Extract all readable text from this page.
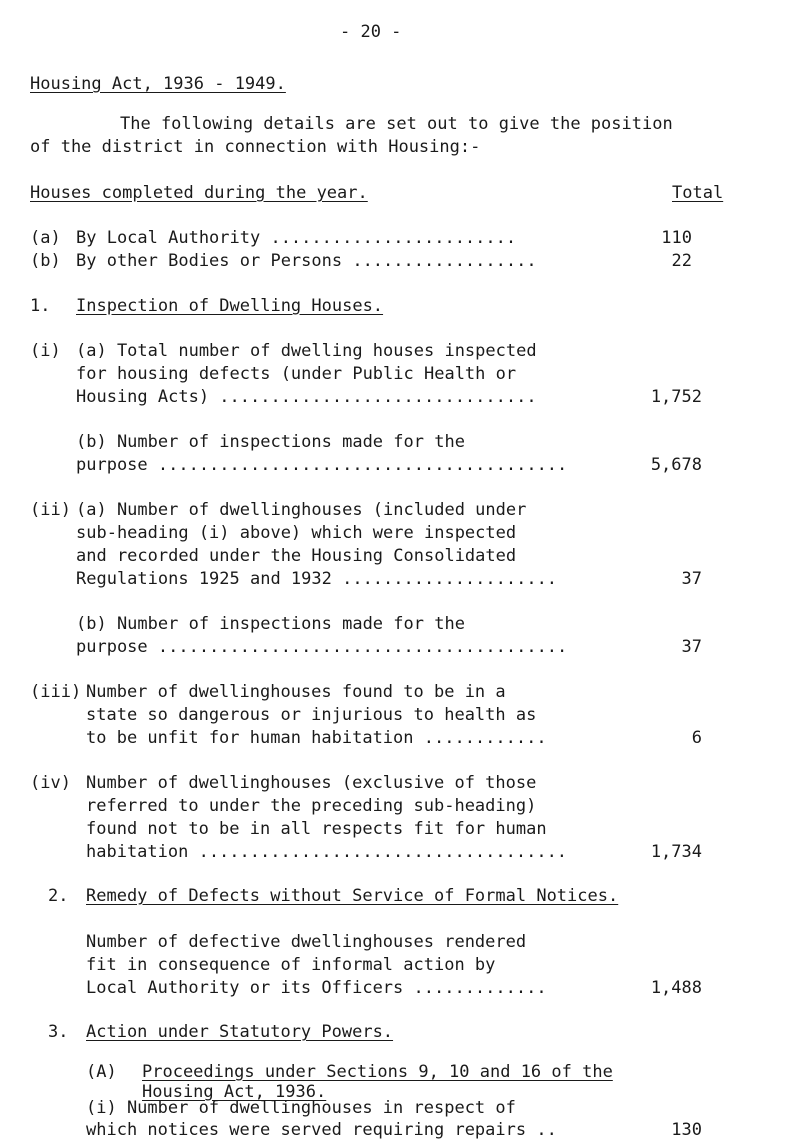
- 20 -
Housing Act, 1936 - 1949.
The following details are set out to give the position
of the district in connection with Housing:-
Houses completed during the year.	Total
(a) By Local Authority ........................	110
(b) By other Bodies or Persons ..................	22
1. Inspection of Dwelling Houses.
(i) (a) Total number of dwelling houses inspected
for housing defects (under Public Health or
Housing Acts) ...............................	1,752
(b) Number of inspections made for the
purpose ........................................	5,678
(ii) (a) Number of dwellinghouses (included under
sub-heading (i) above) which were inspected
and recorded under the Housing Consolidated
Regulations 1925 and 1932 .....................	37
(b) Number of inspections made for the
purpose ........................................	37
(iii) Number of dwellinghouses found to be in a
state so dangerous or injurious to health as
to be unfit for human habitation ............	6
(iv) Number of dwellinghouses (exclusive of those
referred to under the preceding sub-heading)
found not to be in all respects fit for human
habitation ....................................	1,734
2. Remedy of Defects without Service of Formal Notices.
Number of defective dwellinghouses rendered
fit in consequence of informal action by
Local Authority or its Officers .............	1,488
3. Action under Statutory Powers.
(A) Proceedings under Sections 9, 10 and 16 of the
Housing Act, 1936.
(i) Number of dwellinghouses in respect of
which notices were served requiring repairs ..	130
